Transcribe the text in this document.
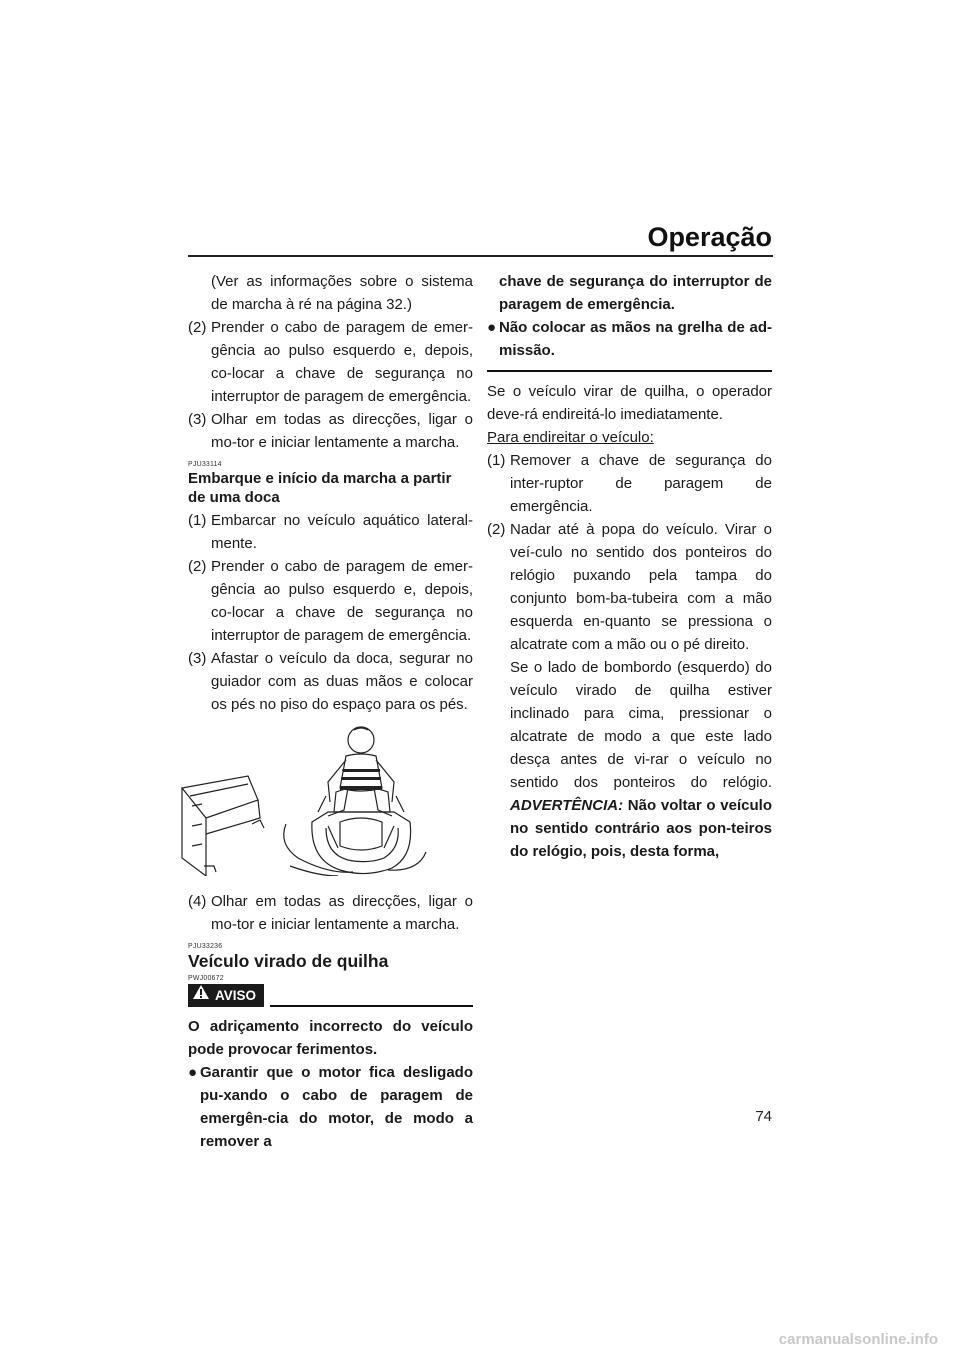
Operação
(Ver as informações sobre o sistema de marcha à ré na página 32.)
(2) Prender o cabo de paragem de emer-gência ao pulso esquerdo e, depois, co-locar a chave de segurança no interruptor de paragem de emergência.
(3) Olhar em todas as direcções, ligar o mo-tor e iniciar lentamente a marcha.
PJU33114
Embarque e início da marcha a partir de uma doca
(1) Embarcar no veículo aquático lateral-mente.
(2) Prender o cabo de paragem de emer-gência ao pulso esquerdo e, depois, co-locar a chave de segurança no interruptor de paragem de emergência.
(3) Afastar o veículo da doca, segurar no guiador com as duas mãos e colocar os pés no piso do espaço para os pés.
(4) Olhar em todas as direcções, ligar o mo-tor e iniciar lentamente a marcha.
PJU33236
Veículo virado de quilha
PWJ00672
AVISO
O adriçamento incorrecto do veículo pode provocar ferimentos.
● Garantir que o motor fica desligado pu-xando o cabo de paragem de emergên-cia do motor, de modo a remover a
chave de segurança do interruptor de paragem de emergência.
● Não colocar as mãos na grelha de ad-missão.
Se o veículo virar de quilha, o operador deve-rá endireitá-lo imediatamente.
Para endireitar o veículo:
(1) Remover a chave de segurança do inter-ruptor de paragem de emergência.
(2) Nadar até à popa do veículo. Virar o veí-culo no sentido dos ponteiros do relógio puxando pela tampa do conjunto bom-ba-tubeira com a mão esquerda en-quanto se pressiona o alcatrate com a mão ou o pé direito.
Se o lado de bombordo (esquerdo) do veículo virado de quilha estiver inclinado para cima, pressionar o alcatrate de modo a que este lado desça antes de vi-rar o veículo no sentido dos ponteiros do relógio. ADVERTÊNCIA: Não voltar o veículo no sentido contrário aos pon-teiros do relógio, pois, desta forma,
74
carmanualsonline.info
